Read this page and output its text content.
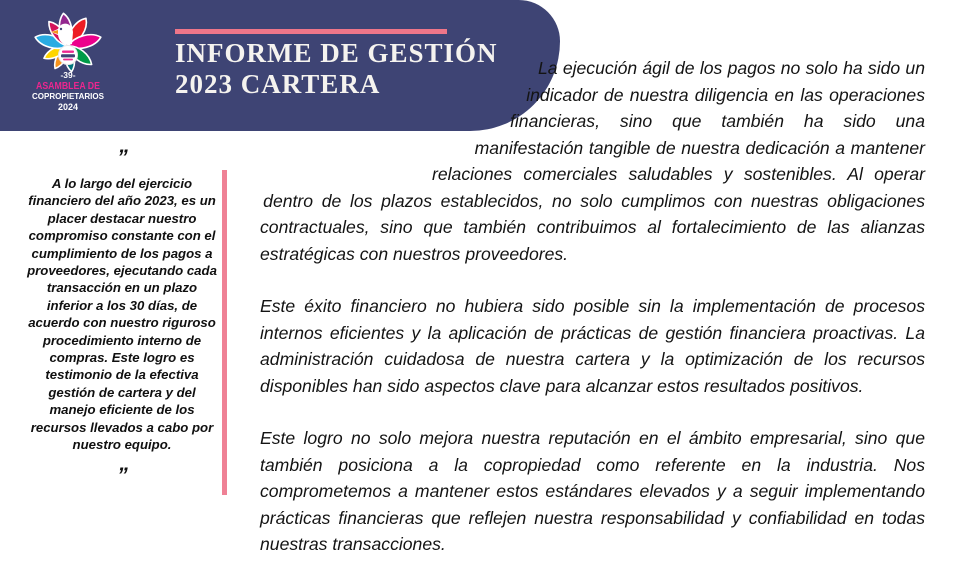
INFORME DE GESTIÓN
2023 CARTERA
-39-
ASAMBLEA DE
COPROPIETARIOS
2024
”
A lo largo del ejercicio financiero del año 2023, es un placer destacar nuestro compromiso constante con el cumplimiento de los pagos a proveedores, ejecutando cada transacción en un plazo inferior a los 30 días, de acuerdo con nuestro riguroso procedimiento interno de compras. Este logro es testimonio de la efectiva gestión de cartera y del manejo eficiente de los recursos llevados a cabo por nuestro equipo.
”

La ejecución ágil de los pagos no solo ha sido un indicador de nuestra diligencia en las operaciones financieras, sino que también ha sido una manifestación tangible de nuestra dedicación a mantener relaciones comerciales saludables y sostenibles. Al operar dentro de los plazos establecidos, no solo cumplimos con nuestras obligaciones contractuales, sino que también contribuimos al fortalecimiento de las alianzas estratégicas con nuestros proveedores.

Este éxito financiero no hubiera sido posible sin la implementación de procesos internos eficientes y la aplicación de prácticas de gestión financiera proactivas. La administración cuidadosa de nuestra cartera y la optimización de los recursos disponibles han sido aspectos clave para alcanzar estos resultados positivos.

Este logro no solo mejora nuestra reputación en el ámbito empresarial, sino que también posiciona a la copropiedad como referente en la industria. Nos comprometemos a mantener estos estándares elevados y a seguir implementando prácticas financieras que reflejen nuestra responsabilidad y confiabilidad en todas nuestras transacciones.
